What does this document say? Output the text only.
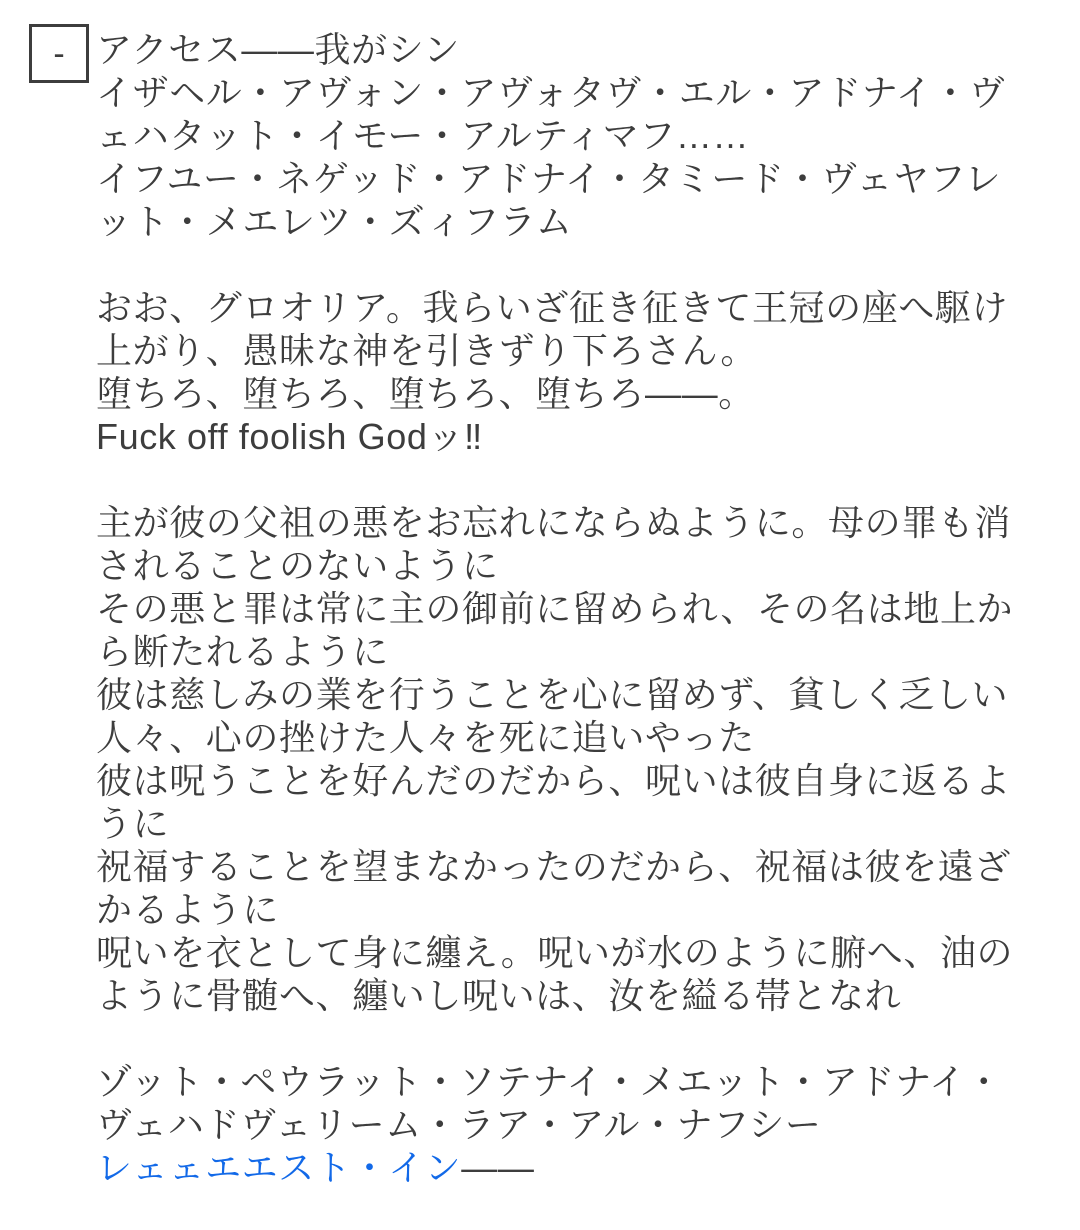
- アクセス――我がシン
イザヘル・アヴォン・アヴォタヴ・エル・アドナイ・ヴ
ェハタット・イモー・アルティマフ……
イフユー・ネゲッド・アドナイ・タミード・ヴェヤフレ
ット・メエレツ・ズィフラム
おお、グロオリア。我らいざ征き征きて王冠の座へ駆け
上がり、愚昧な神を引きずり下ろさん。
堕ちろ、堕ちろ、堕ちろ、堕ちろ――。
Fuck off foolish Godッ‼
主が彼の父祖の悪をお忘れにならぬように。母の罪も消
されることのないように
その悪と罪は常に主の御前に留められ、その名は地上か
ら断たれるように
彼は慈しみの業を行うことを心に留めず、貧しく乏しい
人々、心の挫けた人々を死に追いやった
彼は呪うことを好んだのだから、呪いは彼自身に返るよ
うに
祝福することを望まなかったのだから、祝福は彼を遠ざ
かるように
呪いを衣として身に纏え。呪いが水のように腑へ、油の
ように骨髄へ、纏いし呪いは、汝を縊る帯となれ
ゾット・ペウラット・ソテナイ・メエット・アドナイ・
ヴェハドヴェリーム・ラア・アル・ナフシー
レェェエエスト・イン――
